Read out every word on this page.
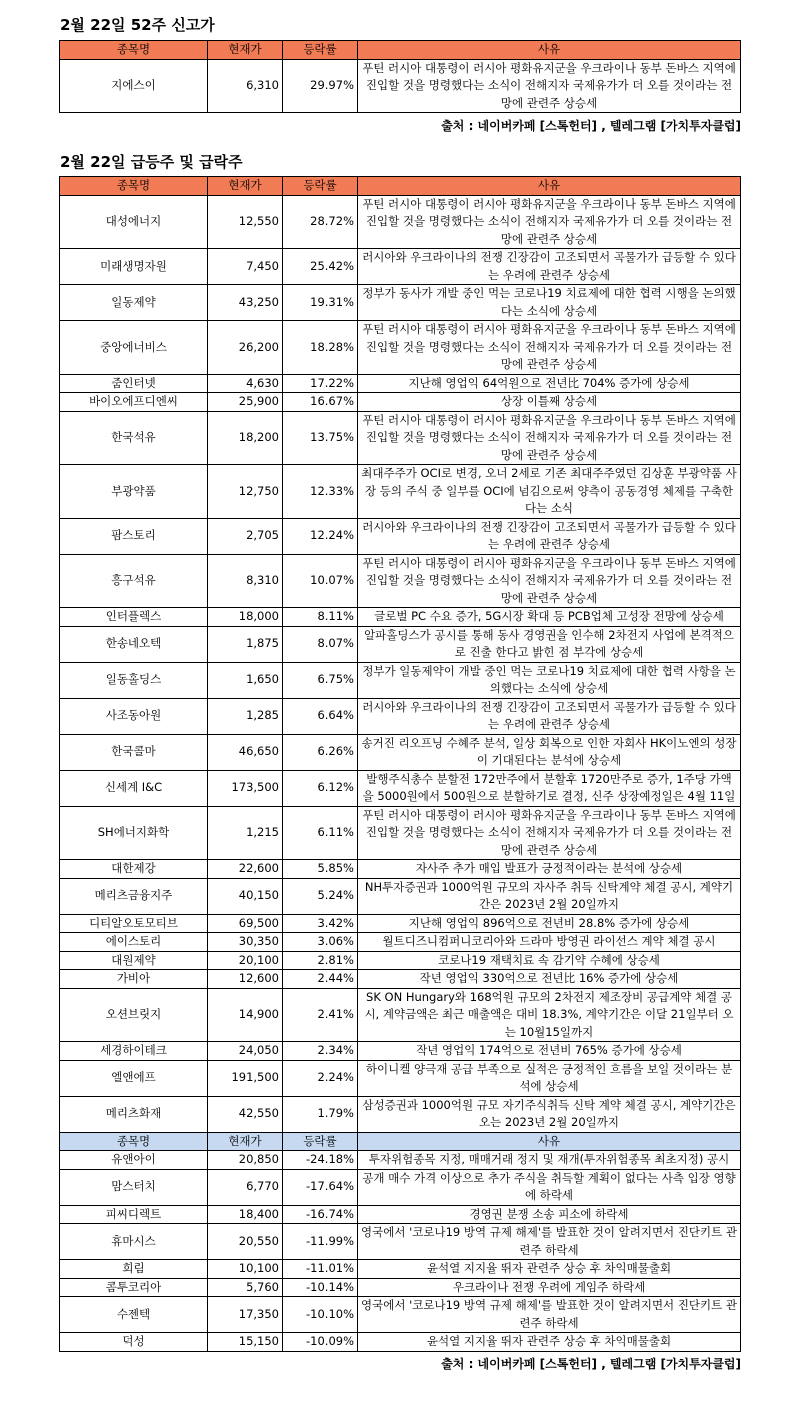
2월 22일 52주 신고가
종목명	현재가	등락률	사유
지에스이	6,310	29.97%	푸틴 러시아 대통령이 러시아 평화유지군을 우크라이나 동부 돈바스 지역에 진입할 것을 명령했다는 소식이 전해지자 국제유가가 더 오를 것이라는 전망에 관련주 상승세
출처 : 네이버카페 [스톡헌터] , 텔레그램 [가치투자클럽]
2월 22일 급등주 및 급락주
종목명	현재가	등락률	사유
대성에너지	12,550	28.72%	푸틴 러시아 대통령이 러시아 평화유지군을 우크라이나 동부 돈바스 지역에 진입할 것을 명령했다는 소식이 전해지자 국제유가가 더 오를 것이라는 전망에 관련주 상승세
미래생명자원	7,450	25.42%	러시아와 우크라이나의 전쟁 긴장감이 고조되면서 곡물가가 급등할 수 있다는 우려에 관련주 상승세
일동제약	43,250	19.31%	정부가 동사가 개발 중인 먹는 코로나19 치료제에 대한 협력 시행을 논의했다는 소식에 상승세
중앙에너비스	26,200	18.28%	푸틴 러시아 대통령이 러시아 평화유지군을 우크라이나 동부 돈바스 지역에 진입할 것을 명령했다는 소식이 전해지자 국제유가가 더 오를 것이라는 전망에 관련주 상승세
줌인터넷	4,630	17.22%	지난해 영업익 64억원으로 전년比 704% 증가에 상승세
바이오에프디엔씨	25,900	16.67%	상장 이틀째 상승세
한국석유	18,200	13.75%	푸틴 러시아 대통령이 러시아 평화유지군을 우크라이나 동부 돈바스 지역에 진입할 것을 명령했다는 소식이 전해지자 국제유가가 더 오를 것이라는 전망에 관련주 상승세
부광약품	12,750	12.33%	최대주주가 OCI로 변경, 오너 2세로 기존 최대주주였던 김상훈 부광약품 사장 등의 주식 중 일부를 OCI에 넘김으로써 양측이 공동경영 체제를 구축한다는 소식
팜스토리	2,705	12.24%	러시아와 우크라이나의 전쟁 긴장감이 고조되면서 곡물가가 급등할 수 있다는 우려에 관련주 상승세
흥구석유	8,310	10.07%	푸틴 러시아 대통령이 러시아 평화유지군을 우크라이나 동부 돈바스 지역에 진입할 것을 명령했다는 소식이 전해지자 국제유가가 더 오를 것이라는 전망에 관련주 상승세
인터플렉스	18,000	8.11%	글로벌 PC 수요 증가, 5G시장 확대 등 PCB업체 고성장 전망에 상승세
한송네오텍	1,875	8.07%	알파홀딩스가 공시를 통해 동사 경영권을 인수해 2차전지 사업에 본격적으로 진출 한다고 밝힌 점 부각에 상승세
일동홀딩스	1,650	6.75%	정부가 일동제약이 개발 중인 먹는 코로나19 치료제에 대한 협력 사항을 논의했다는 소식에 상승세
사조동아원	1,285	6.64%	러시아와 우크라이나의 전쟁 긴장감이 고조되면서 곡물가가 급등할 수 있다는 우려에 관련주 상승세
한국콜마	46,650	6.26%	송거진 리오프닝 수혜주 분석, 일상 회복으로 인한 자회사 HK이노엔의 성장이 기대된다는 분석에 상승세
신세계 I&C	173,500	6.12%	발행주식총수 분할전 172만주에서 분할후 1720만주로 증가, 1주당 가액을 5000원에서 500원으로 분할하기로 결정, 신주 상장예정일은 4월 11일
SH에너지화학	1,215	6.11%	푸틴 러시아 대통령이 러시아 평화유지군을 우크라이나 동부 돈바스 지역에 진입할 것을 명령했다는 소식이 전해지자 국제유가가 더 오를 것이라는 전망에 관련주 상승세
대한제강	22,600	5.85%	자사주 추가 매입 발표가 긍정적이라는 분석에 상승세
메리츠금융지주	40,150	5.24%	NH투자증권과 1000억원 규모의 자사주 취득 신탁계약 체결 공시, 계약기간은 2023년 2월 20일까지
디티알오토모티브	69,500	3.42%	지난해 영업익 896억으로 전년비 28.8% 증가에 상승세
에이스토리	30,350	3.06%	월트디즈니컴퍼니코리아와 드라마 방영권 라이선스 계약 체결 공시
대원제약	20,100	2.81%	코로나19 재택치료 속 감기약 수혜에 상승세
가비아	12,600	2.44%	작년 영업익 330억으로 전년比 16% 증가에 상승세
오션브릿지	14,900	2.41%	SK ON Hungary와 168억원 규모의 2차전지 제조장비 공급계약 체결 공시, 계약금액은 최근 매출액은 대비 18.3%, 계약기간은 이달 21일부터 오는 10월15일까지
세경하이테크	24,050	2.34%	작년 영업익 174억으로 전년비 765% 증가에 상승세
엘앤에프	191,500	2.24%	하이니켈 양극재 공급 부족으로 실적은 긍정적인 흐름을 보일 것이라는 분석에 상승세
메리츠화재	42,550	1.79%	삼성증권과 1000억원 규모 자기주식취득 신탁 계약 체결 공시, 계약기간은 오는 2023년 2월 20일까지
종목명	현재가	등락률	사유
유앤아이	20,850	-24.18%	투자위험종목 지정, 매매거래 정지 및 재개(투자위험종목 최초지정) 공시
맘스터치	6,770	-17.64%	공개 매수 가격 이상으로 추가 주식을 취득할 계획이 없다는 사측 입장 영향에 하락세
피씨디렉트	18,400	-16.74%	경영권 분쟁 소송 피소에 하락세
휴마시스	20,550	-11.99%	영국에서 '코로나19 방역 규제 해제'를 발표한 것이 알려지면서 진단키트 관련주 하락세
희림	10,100	-11.01%	윤석열 지지율 뛰자 관련주 상승 후 차익매물출회
콤투코리아	5,760	-10.14%	우크라이나 전쟁 우려에 게임주 하락세
수젠텍	17,350	-10.10%	영국에서 '코로나19 방역 규제 해제'를 발표한 것이 알려지면서 진단키트 관련주 하락세
덕성	15,150	-10.09%	윤석열 지지율 뛰자 관련주 상승 후 차익매물출회
출처 : 네이버카페 [스톡헌터] , 텔레그램 [가치투자클럽]
